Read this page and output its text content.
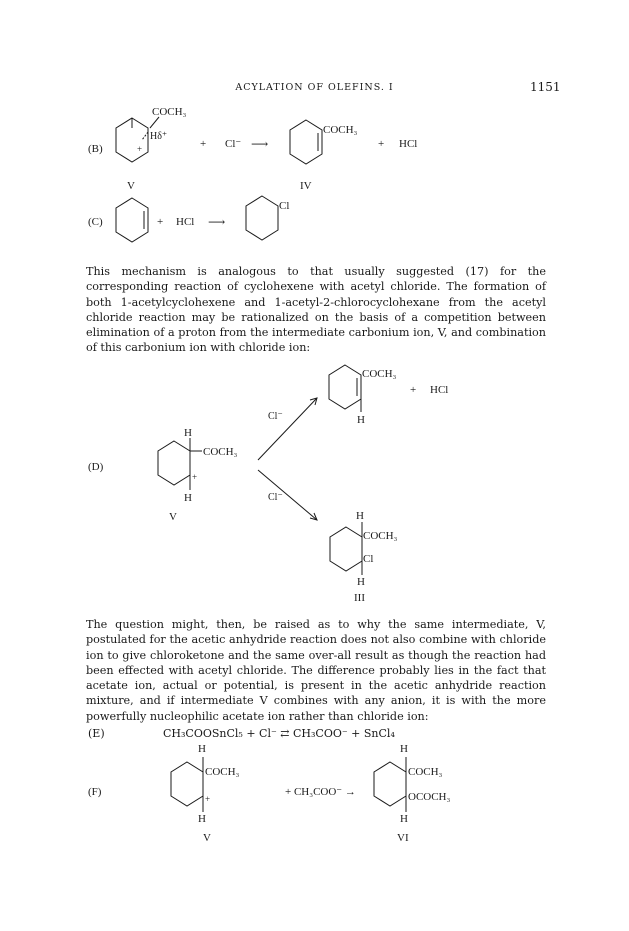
ACYLATION OF OLEFINS. I	1151
(B)
COCH₃
Hδ⁺
+	+ Cl⁻ ⟶
COCH₃
+ HCl
V	IV
(C)	+ HCl ⟶
Cl
(D)
COCH₃
H
+ HCl
Cl⁻
Cl⁻
H
COCH₃
+
H
V	H
COCH₃
Cl
H
III
(F)
H
COCH₃
+
H
V
+ CH₃COO⁻ →
H
COCH₃
OCOCH₃
H
VI
This mechanism is analogous to that usually suggested (17) for the corresponding reaction of cyclohexene with acetyl chloride. The formation of both 1-acetylcyclohexene and 1-acetyl-2-chlorocyclohexane from the acetyl chloride reaction may be rationalized on the basis of a competition between elimination of a proton from the intermediate carbonium ion, V, and combination of this carbonium ion with chloride ion:
The question might, then, be raised as to why the same intermediate, V, postulated for the acetic anhydride reaction does not also combine with chloride ion to give chloroketone and the same over-all result as though the reaction had been effected with acetyl chloride. The difference probably lies in the fact that acetate ion, actual or potential, is present in the acetic anhydride reaction mixture, and if intermediate V combines with any anion, it is with the more powerfully nucleophilic acetate ion rather than chloride ion:
(E)	CH₃COOSnCl₅ + Cl⁻ ⇄ CH₃COO⁻ + SnCl₄
